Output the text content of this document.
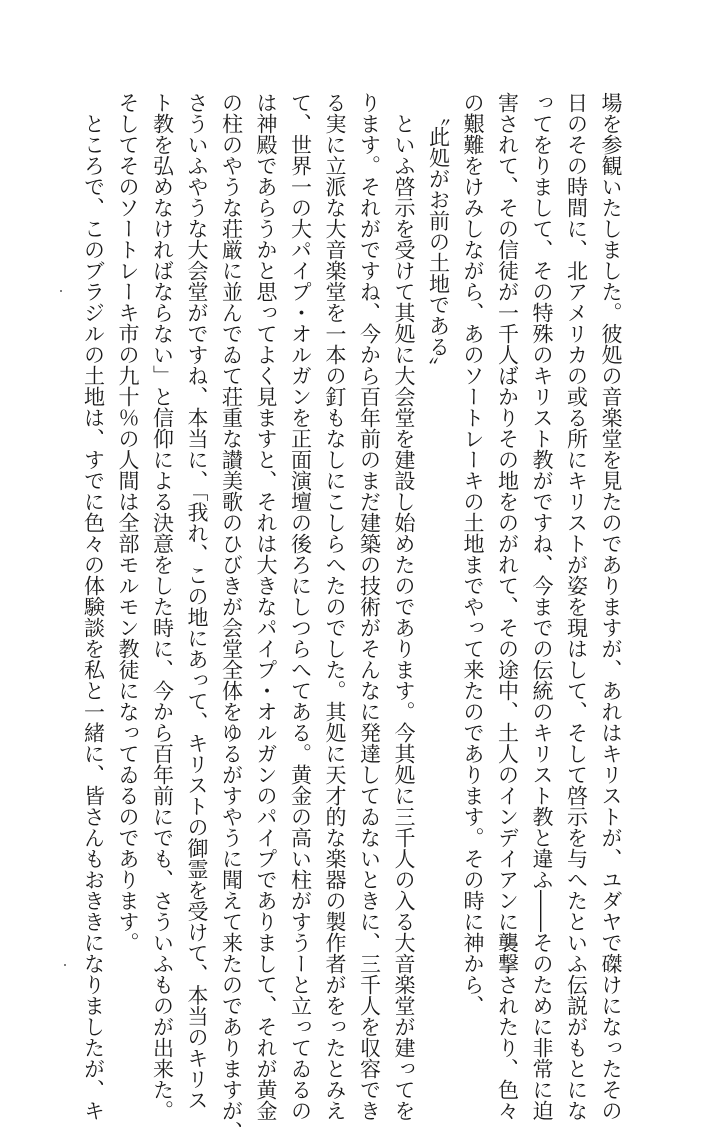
場を参観いたしました。彼処の音楽堂を見たのでありますが、あれはキリストが、ユダヤで磔けになったその

日のその時間に、北アメリカの或る所にキリストが姿を現はして、そして啓示を与へたといふ伝説がもとにな

ってをりまして、その特殊のキリスト教がですね、今までの伝統のキリスト教と違ふ――そのために非常に迫

害されて、その信徒が一千人ばかりその地をのがれて、その途中、土人のインデイアンに襲撃されたり、色々

の艱難をけみしながら、あのソートレーキの土地までやって来たのであります。その時に神から、

〝此処がお前の土地である〟

といふ啓示を受けて其処に大会堂を建設し始めたのであります。今其処に三千人の入る大音楽堂が建ってを

ります。それがですね、今から百年前のまだ建築の技術がそんなに発達してゐないときに、三千人を収容でき

る実に立派な大音楽堂を一本の釘もなしにこしらへたのでした。其処に天才的な楽器の製作者がをったとみえ

て、世界一の大パイプ・オルガンを正面演壇の後ろにしつらへてある。黄金の高い柱がすうーと立ってゐるの

は神殿であらうかと思ってよく見ますと、それは大きなパイプ・オルガンのパイプでありまして、それが黄金

の柱のやうな荘厳に並んでゐて荘重な讃美歌のひびきが会堂全体をゆるがすやうに聞えて来たのでありますが、

さういふやうな大会堂がですね、本当に、「我れ、この地にあって、キリストの御霊を受けて、本当のキリス

ト教を弘めなければならない」と信仰による決意をした時に、今から百年前にでも、さういふものが出来た。

そしてそのソートレーキ市の九十％の人間は全部モルモン教徒になってゐるのであります。

ところで、このブラジルの土地は、すでに色々の体験談を私と一緒に、皆さんもおききになりましたが、キ
